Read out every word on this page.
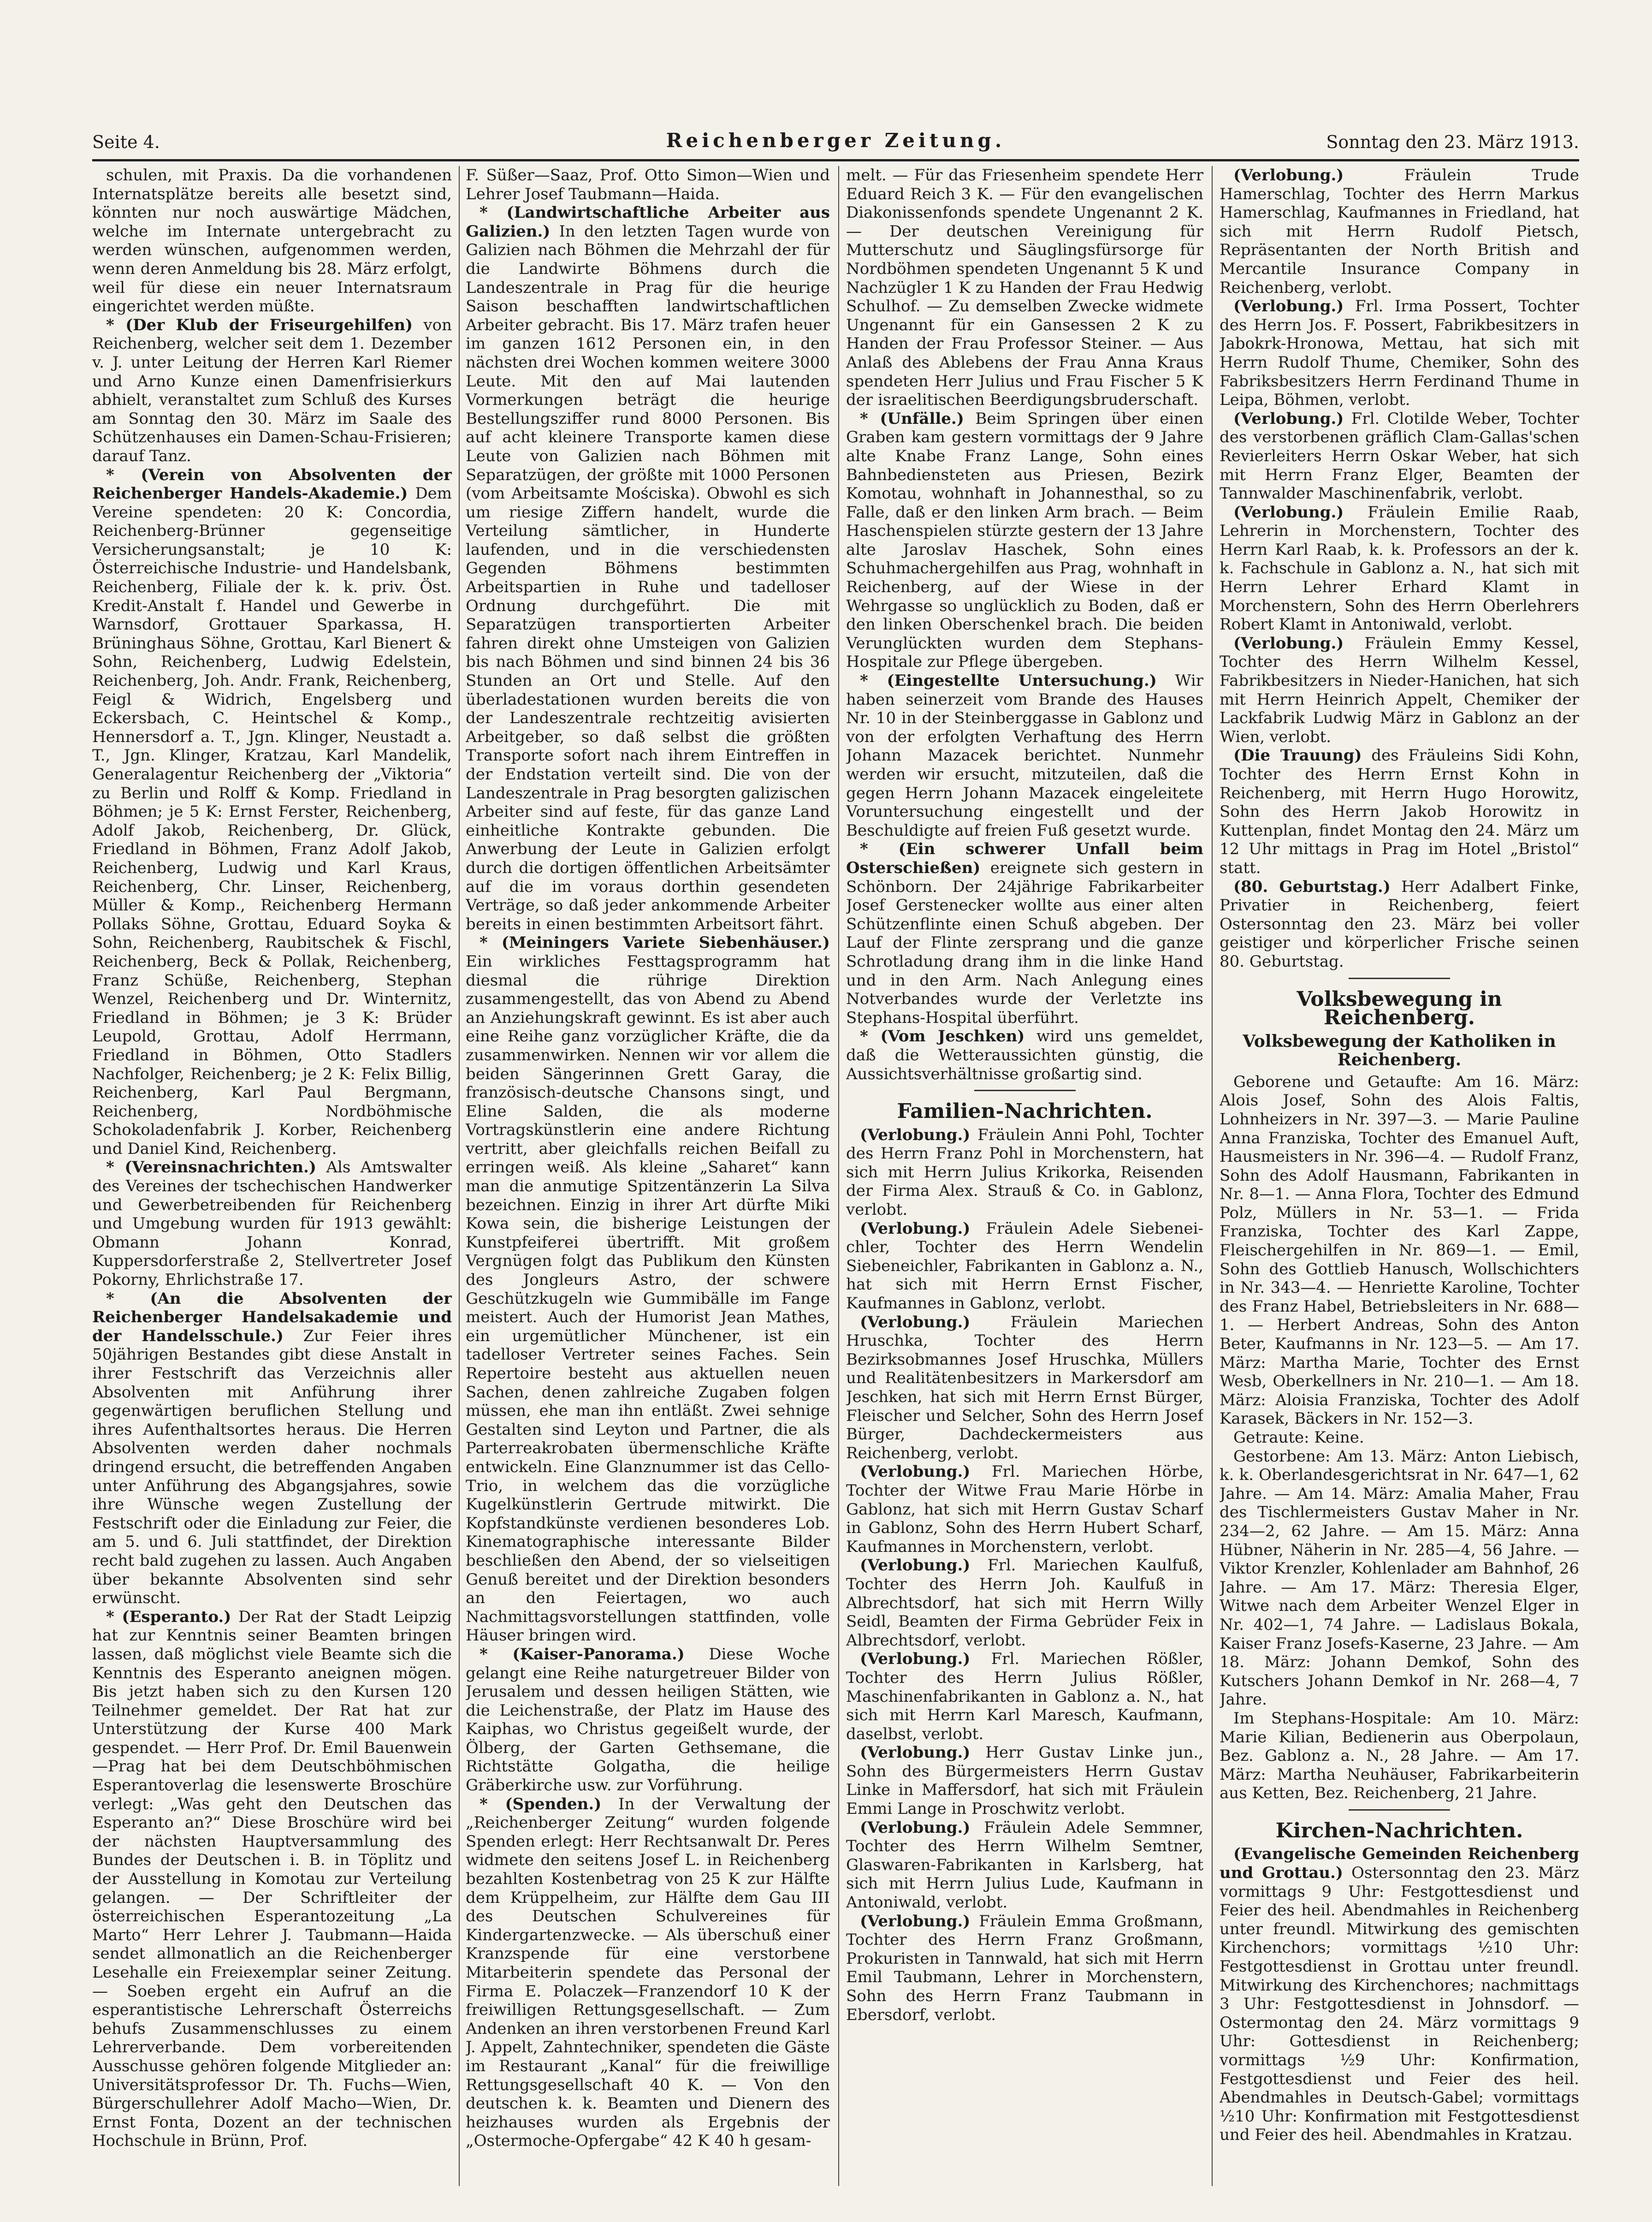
Seite 4.	Reichenberger Zeitung.	Sonntag den 23. März 1913.

schulen, mit Praxis. Da die vorhandenen Internatsplätze bereits alle besetzt sind, könnten nur noch auswärtige Mädchen, welche im Internate untergebracht zu werden wünschen, aufgenommen werden, wenn deren Anmeldung bis 28. März erfolgt, weil für diese ein neuer Internatsraum eingerichtet werden müßte.

* (Der Klub der Friseurgehilfen) von Reichenberg, welcher seit dem 1. Dezember v. J. unter Leitung der Herren Karl Riemer und Arno Kunze einen Damenfrisierkurs abhielt, veranstaltet zum Schluß des Kurses am Sonntag den 30. März im Saale des Schützenhauses ein Damen-Schau-Frisieren; darauf Tanz.

* (Verein von Absolventen der Reichenberger Handels-Akademie.) Dem Vereine spendeten: 20 K: Concordia, Reichenberg-Brünner gegenseitige Versicherungsanstalt; je 10 K: Österreichische Industrie- und Handelsbank, Reichenberg, Filiale der k. k. priv. Öst. Kredit-Anstalt f. Handel und Gewerbe in Warnsdorf, Grottauer Sparkassa, H. Brüninghaus Söhne, Grottau, Karl Bienert & Sohn, Reichenberg, Ludwig Edelstein, Reichenberg, Joh. Andr. Frank, Reichenberg, Feigl & Widrich, Engelsberg und Eckersbach, C. Heintschel & Komp., Hennersdorf a. T., Jgn. Klinger, Neustadt a. T., Jgn. Klinger, Kratzau, Karl Mandelik, Generalagentur Reichenberg der „Viktoria“ zu Berlin und Rolff & Komp. Friedland in Böhmen; je 5 K: Ernst Ferster, Reichenberg, Adolf Jakob, Reichenberg, Dr. Glück, Friedland in Böhmen, Franz Adolf Jakob, Reichenberg, Ludwig und Karl Kraus, Reichenberg, Chr. Linser, Reichenberg, Müller & Komp., Reichenberg Hermann Pollaks Söhne, Grottau, Eduard Soyka & Sohn, Reichenberg, Raubitschek & Fischl, Reichenberg, Beck & Pollak, Reichenberg, Franz Schüße, Reichenberg, Stephan Wenzel, Reichenberg und Dr. Winternitz, Friedland in Böhmen; je 3 K: Brüder Leupold, Grottau, Adolf Herrmann, Friedland in Böhmen, Otto Stadlers Nachfolger, Reichenberg; je 2 K: Felix Billig, Reichenberg, Karl Paul Bergmann, Reichenberg, Nordböhmische Schokoladenfabrik J. Korber, Reichenberg und Daniel Kind, Reichenberg.

* (Vereinsnachrichten.) Als Amtswalter des Vereines der tschechischen Handwerker und Gewerbetreibenden für Reichenberg und Umgebung wurden für 1913 gewählt: Obmann Johann Konrad, Kuppersdorferstraße 2, Stellvertreter Josef Pokorny, Ehrlichstraße 17.

* (An die Absolventen der Reichenberger Handelsakademie und der Handelsschule.) Zur Feier ihres 50jährigen Bestandes gibt diese Anstalt in ihrer Festschrift das Verzeichnis aller Absolventen mit Anführung ihrer gegenwärtigen beruflichen Stellung und ihres Aufenthaltsortes heraus. Die Herren Absolventen werden daher nochmals dringend ersucht, die betreffenden Angaben unter Anführung des Abgangsjahres, sowie ihre Wünsche wegen Zustellung der Festschrift oder die Einladung zur Feier, die am 5. und 6. Juli stattfindet, der Direktion recht bald zugehen zu lassen. Auch Angaben über bekannte Absolventen sind sehr erwünscht.

* (Esperanto.) Der Rat der Stadt Leipzig hat zur Kenntnis seiner Beamten bringen lassen, daß möglichst viele Beamte sich die Kenntnis des Esperanto aneignen mögen. Bis jetzt haben sich zu den Kursen 120 Teilnehmer gemeldet. Der Rat hat zur Unterstützung der Kurse 400 Mark gespendet. — Herr Prof. Dr. Emil Bauenwein—Prag hat bei dem Deutschböhmischen Esperantoverlag die lesenswerte Broschüre verlegt: „Was geht den Deutschen das Esperanto an?“ Diese Broschüre wird bei der nächsten Hauptversammlung des Bundes der Deutschen i. B. in Töplitz und der Ausstellung in Komotau zur Verteilung gelangen. — Der Schriftleiter der österreichischen Esperantozeitung „La Marto“ Herr Lehrer J. Taubmann—Haida sendet allmonatlich an die Reichenberger Lesehalle ein Freiexemplar seiner Zeitung. — Soeben ergeht ein Aufruf an die esperantistische Lehrerschaft Österreichs behufs Zusammenschlusses zu einem Lehrerverbande. Dem vorbereitenden Ausschusse gehören folgende Mitglieder an: Universitätsprofessor Dr. Th. Fuchs—Wien, Bürgerschullehrer Adolf Macho—Wien, Dr. Ernst Fonta, Dozent an der technischen Hochschule in Brünn, Prof.

F. Süßer—Saaz, Prof. Otto Simon—Wien und Lehrer Josef Taubmann—Haida.

* (Landwirtschaftliche Arbeiter aus Galizien.) In den letzten Tagen wurde von Galizien nach Böhmen die Mehrzahl der für die Landwirte Böhmens durch die Landeszentrale in Prag für die heurige Saison beschafften landwirtschaftlichen Arbeiter gebracht. Bis 17. März trafen heuer im ganzen 1612 Personen ein, in den nächsten drei Wochen kommen weitere 3000 Leute. Mit den auf Mai lautenden Vormerkungen beträgt die heurige Bestellungsziffer rund 8000 Personen. Bis auf acht kleinere Transporte kamen diese Leute von Galizien nach Böhmen mit Separatzügen, der größte mit 1000 Personen (vom Arbeitsamte Mościska). Obwohl es sich um riesige Ziffern handelt, wurde die Verteilung sämtlicher, in Hunderte laufenden, und in die verschiedensten Gegenden Böhmens bestimmten Arbeitspartien in Ruhe und tadelloser Ordnung durchgeführt. Die mit Separatzügen transportierten Arbeiter fahren direkt ohne Umsteigen von Galizien bis nach Böhmen und sind binnen 24 bis 36 Stunden an Ort und Stelle. Auf den überladestationen wurden bereits die von der Landeszentrale rechtzeitig avisierten Arbeitgeber, so daß selbst die größten Transporte sofort nach ihrem Eintreffen in der Endstation verteilt sind. Die von der Landeszentrale in Prag besorgten galizischen Arbeiter sind auf feste, für das ganze Land einheitliche Kontrakte gebunden. Die Anwerbung der Leute in Galizien erfolgt durch die dortigen öffentlichen Arbeitsämter auf die im voraus dorthin gesendeten Verträge, so daß jeder ankommende Arbeiter bereits in einen bestimmten Arbeitsort fährt.

* (Meiningers Variete Siebenhäuser.) Ein wirkliches Festtagsprogramm hat diesmal die rührige Direktion zusammengestellt, das von Abend zu Abend an Anziehungskraft gewinnt. Es ist aber auch eine Reihe ganz vorzüglicher Kräfte, die da zusammenwirken. Nennen wir vor allem die beiden Sängerinnen Grett Garay, die französisch-deutsche Chansons singt, und Eline Salden, die als moderne Vortragskünstlerin eine andere Richtung vertritt, aber gleichfalls reichen Beifall zu erringen weiß. Als kleine „Saharet“ kann man die anmutige Spitzentänzerin La Silva bezeichnen. Einzig in ihrer Art dürfte Miki Kowa sein, die bisherige Leistungen der Kunstpfeiferei übertrifft. Mit großem Vergnügen folgt das Publikum den Künsten des Jongleurs Astro, der schwere Geschützkugeln wie Gummibälle im Fange meistert. Auch der Humorist Jean Mathes, ein urgemütlicher Münchener, ist ein tadelloser Vertreter seines Faches. Sein Repertoire besteht aus aktuellen neuen Sachen, denen zahlreiche Zugaben folgen müssen, ehe man ihn entläßt. Zwei sehnige Gestalten sind Leyton und Partner, die als Parterreakrobaten übermenschliche Kräfte entwickeln. Eine Glanznummer ist das Cello-Trio, in welchem das die vorzügliche Kugelkünstlerin Gertrude mitwirkt. Die Kopfstandkünste verdienen besonderes Lob. Kinematographische interessante Bilder beschließen den Abend, der so vielseitigen Genuß bereitet und der Direktion besonders an den Feiertagen, wo auch Nachmittagsvorstellungen stattfinden, volle Häuser bringen wird.

* (Kaiser-Panorama.) Diese Woche gelangt eine Reihe naturgetreuer Bilder von Jerusalem und dessen heiligen Stätten, wie die Leichenstraße, der Platz im Hause des Kaiphas, wo Christus gegeißelt wurde, der Ölberg, der Garten Gethsemane, die Richtstätte Golgatha, die heilige Gräberkirche usw. zur Vorführung.

* (Spenden.) In der Verwaltung der „Reichenberger Zeitung“ wurden folgende Spenden erlegt: Herr Rechtsanwalt Dr. Peres widmete den seitens Josef L. in Reichenberg bezahlten Kostenbetrag von 25 K zur Hälfte dem Krüppelheim, zur Hälfte dem Gau III des Deutschen Schulvereines für Kindergartenzwecke. — Als überschuß einer Kranzspende für eine verstorbene Mitarbeiterin spendete das Personal der Firma E. Polaczek—Franzendorf 10 K der freiwilligen Rettungsgesellschaft. — Zum Andenken an ihren verstorbenen Freund Karl J. Appelt, Zahntechniker, spendeten die Gäste im Restaurant „Kanal“ für die freiwillige Rettungsgesellschaft 40 K. — Von den deutschen k. k. Beamten und Dienern des heizhauses wurden als Ergebnis der „Ostermoche-Opfergabe“ 42 K 40 h gesam-

melt. — Für das Friesenheim spendete Herr Eduard Reich 3 K. — Für den evangelischen Diakonissenfonds spendete Ungenannt 2 K. — Der deutschen Vereinigung für Mutterschutz und Säuglingsfürsorge für Nordböhmen spendeten Ungenannt 5 K und Nachzügler 1 K zu Handen der Frau Hedwig Schulhof. — Zu demselben Zwecke widmete Ungenannt für ein Gansessen 2 K zu Handen der Frau Professor Steiner. — Aus Anlaß des Ablebens der Frau Anna Kraus spendeten Herr Julius und Frau Fischer 5 K der israelitischen Beerdigungsbruderschaft.

* (Unfälle.) Beim Springen über einen Graben kam gestern vormittags der 9 Jahre alte Knabe Franz Lange, Sohn eines Bahnbediensteten aus Priesen, Bezirk Komotau, wohnhaft in Johannesthal, so zu Falle, daß er den linken Arm brach. — Beim Haschenspielen stürzte gestern der 13 Jahre alte Jaroslav Haschek, Sohn eines Schuhmachergehilfen aus Prag, wohnhaft in Reichenberg, auf der Wiese in der Wehrgasse so unglücklich zu Boden, daß er den linken Oberschenkel brach. Die beiden Verunglückten wurden dem Stephans-Hospitale zur Pflege übergeben.

* (Eingestellte Untersuchung.) Wir haben seinerzeit vom Brande des Hauses Nr. 10 in der Steinberggasse in Gablonz und von der erfolgten Verhaftung des Herrn Johann Mazacek berichtet. Nunmehr werden wir ersucht, mitzuteilen, daß die gegen Herrn Johann Mazacek eingeleitete Voruntersuchung eingestellt und der Beschuldigte auf freien Fuß gesetzt wurde.

* (Ein schwerer Unfall beim Osterschießen) ereignete sich gestern in Schönborn. Der 24jährige Fabrikarbeiter Josef Gerstenecker wollte aus einer alten Schützenflinte einen Schuß abgeben. Der Lauf der Flinte zersprang und die ganze Schrotladung drang ihm in die linke Hand und in den Arm. Nach Anlegung eines Notverbandes wurde der Verletzte ins Stephans-Hospital überführt.

* (Vom Jeschken) wird uns gemeldet, daß die Wetteraussichten günstig, die Aussichtsverhältnisse großartig sind.

Familien-Nachrichten.

(Verlobung.) Fräulein Anni Pohl, Tochter des Herrn Franz Pohl in Morchenstern, hat sich mit Herrn Julius Krikorka, Reisenden der Firma Alex. Strauß & Co. in Gablonz, verlobt.

(Verlobung.) Fräulein Adele Siebeneichler, Tochter des Herrn Wendelin Siebeneichler, Fabrikanten in Gablonz a. N., hat sich mit Herrn Ernst Fischer, Kaufmannes in Gablonz, verlobt.

(Verlobung.) Fräulein Mariechen Hruschka, Tochter des Herrn Bezirksobmannes Josef Hruschka, Müllers und Realitätenbesitzers in Markersdorf am Jeschken, hat sich mit Herrn Ernst Bürger, Fleischer und Selcher, Sohn des Herrn Josef Bürger, Dachdeckermeisters aus Reichenberg, verlobt.

(Verlobung.) Frl. Mariechen Hörbe, Tochter der Witwe Frau Marie Hörbe in Gablonz, hat sich mit Herrn Gustav Scharf in Gablonz, Sohn des Herrn Hubert Scharf, Kaufmannes in Morchenstern, verlobt.

(Verlobung.) Frl. Mariechen Kaulfuß, Tochter des Herrn Joh. Kaulfuß in Albrechtsdorf, hat sich mit Herrn Willy Seidl, Beamten der Firma Gebrüder Feix in Albrechtsdorf, verlobt.

(Verlobung.) Frl. Mariechen Rößler, Tochter des Herrn Julius Rößler, Maschinenfabrikanten in Gablonz a. N., hat sich mit Herrn Karl Maresch, Kaufmann, daselbst, verlobt.

(Verlobung.) Herr Gustav Linke jun., Sohn des Bürgermeisters Herrn Gustav Linke in Maffersdorf, hat sich mit Fräulein Emmi Lange in Proschwitz verlobt.

(Verlobung.) Fräulein Adele Semmner, Tochter des Herrn Wilhelm Semtner, Glaswaren-Fabrikanten in Karlsberg, hat sich mit Herrn Julius Lude, Kaufmann in Antoniwald, verlobt.

(Verlobung.) Fräulein Emma Großmann, Tochter des Herrn Franz Großmann, Prokuristen in Tannwald, hat sich mit Herrn Emil Taubmann, Lehrer in Morchenstern, Sohn des Herrn Franz Taubmann in Ebersdorf, verlobt.

(Verlobung.) Fräulein Trude Hamerschlag, Tochter des Herrn Markus Hamerschlag, Kaufmannes in Friedland, hat sich mit Herrn Rudolf Pietsch, Repräsentanten der North British and Mercantile Insurance Company in Reichenberg, verlobt.

(Verlobung.) Frl. Irma Possert, Tochter des Herrn Jos. F. Possert, Fabrikbesitzers in Jabokrk-Hronowa, Mettau, hat sich mit Herrn Rudolf Thume, Chemiker, Sohn des Fabriksbesitzers Herrn Ferdinand Thume in Leipa, Böhmen, verlobt.

(Verlobung.) Frl. Clotilde Weber, Tochter des verstorbenen gräflich Clam-Gallas'schen Revierleiters Herrn Oskar Weber, hat sich mit Herrn Franz Elger, Beamten der Tannwalder Maschinenfabrik, verlobt.

(Verlobung.) Fräulein Emilie Raab, Lehrerin in Morchenstern, Tochter des Herrn Karl Raab, k. k. Professors an der k. k. Fachschule in Gablonz a. N., hat sich mit Herrn Lehrer Erhard Klamt in Morchenstern, Sohn des Herrn Oberlehrers Robert Klamt in Antoniwald, verlobt.

(Verlobung.) Fräulein Emmy Kessel, Tochter des Herrn Wilhelm Kessel, Fabrikbesitzers in Nieder-Hanichen, hat sich mit Herrn Heinrich Appelt, Chemiker der Lackfabrik Ludwig März in Gablonz an der Wien, verlobt.

(Die Trauung) des Fräuleins Sidi Kohn, Tochter des Herrn Ernst Kohn in Reichenberg, mit Herrn Hugo Horowitz, Sohn des Herrn Jakob Horowitz in Kuttenplan, findet Montag den 24. März um 12 Uhr mittags in Prag im Hotel „Bristol“ statt.

(80. Geburtstag.) Herr Adalbert Finke, Privatier in Reichenberg, feiert Ostersonntag den 23. März bei voller geistiger und körperlicher Frische seinen 80. Geburtstag.

Volksbewegung in Reichenberg.
Volksbewegung der Katholiken in Reichenberg.

Geborene und Getaufte: Am 16. März: Alois Josef, Sohn des Alois Faltis, Lohnheizers in Nr. 397—3. — Marie Pauline Anna Franziska, Tochter des Emanuel Auft, Hausmeisters in Nr. 396—4. — Rudolf Franz, Sohn des Adolf Hausmann, Fabrikanten in Nr. 8—1. — Anna Flora, Tochter des Edmund Polz, Müllers in Nr. 53—1. — Frida Franziska, Tochter des Karl Zappe, Fleischergehilfen in Nr. 869—1. — Emil, Sohn des Gottlieb Hanusch, Wollschichters in Nr. 343—4. — Henriette Karoline, Tochter des Franz Habel, Betriebsleiters in Nr. 688—1. — Herbert Andreas, Sohn des Anton Beter, Kaufmanns in Nr. 123—5. — Am 17. März: Martha Marie, Tochter des Ernst Wesb, Oberkellners in Nr. 210—1. — Am 18. März: Aloisia Franziska, Tochter des Adolf Karasek, Bäckers in Nr. 152—3.

Getraute: Keine.

Gestorbene: Am 13. März: Anton Liebisch, k. k. Oberlandesgerichtsrat in Nr. 647—1, 62 Jahre. — Am 14. März: Amalia Maher, Frau des Tischlermeisters Gustav Maher in Nr. 234—2, 62 Jahre. — Am 15. März: Anna Hübner, Näherin in Nr. 285—4, 56 Jahre. — Viktor Krenzler, Kohlenlader am Bahnhof, 26 Jahre. — Am 17. März: Theresia Elger, Witwe nach dem Arbeiter Wenzel Elger in Nr. 402—1, 74 Jahre. — Ladislaus Bokala, Kaiser Franz Josefs-Kaserne, 23 Jahre. — Am 18. März: Johann Demkof, Sohn des Kutschers Johann Demkof in Nr. 268—4, 7 Jahre.

Im Stephans-Hospitale: Am 10. März: Marie Kilian, Bedienerin aus Oberpolaun, Bez. Gablonz a. N., 28 Jahre. — Am 17. März: Martha Neuhäuser, Fabrikarbeiterin aus Ketten, Bez. Reichenberg, 21 Jahre.

Kirchen-Nachrichten.

(Evangelische Gemeinden Reichenberg und Grottau.) Ostersonntag den 23. März vormittags 9 Uhr: Festgottesdienst und Feier des heil. Abendmahles in Reichenberg unter freundl. Mitwirkung des gemischten Kirchenchors; vormittags ½10 Uhr: Festgottesdienst in Grottau unter freundl. Mitwirkung des Kirchenchores; nachmittags 3 Uhr: Festgottesdienst in Johnsdorf. — Ostermontag den 24. März vormittags 9 Uhr: Gottesdienst in Reichenberg; vormittags ½9 Uhr: Konfirmation, Festgottesdienst und Feier des heil. Abendmahles in Deutsch-Gabel; vormittags ½10 Uhr: Konfirmation mit Festgottesdienst und Feier des heil. Abendmahles in Kratzau.
